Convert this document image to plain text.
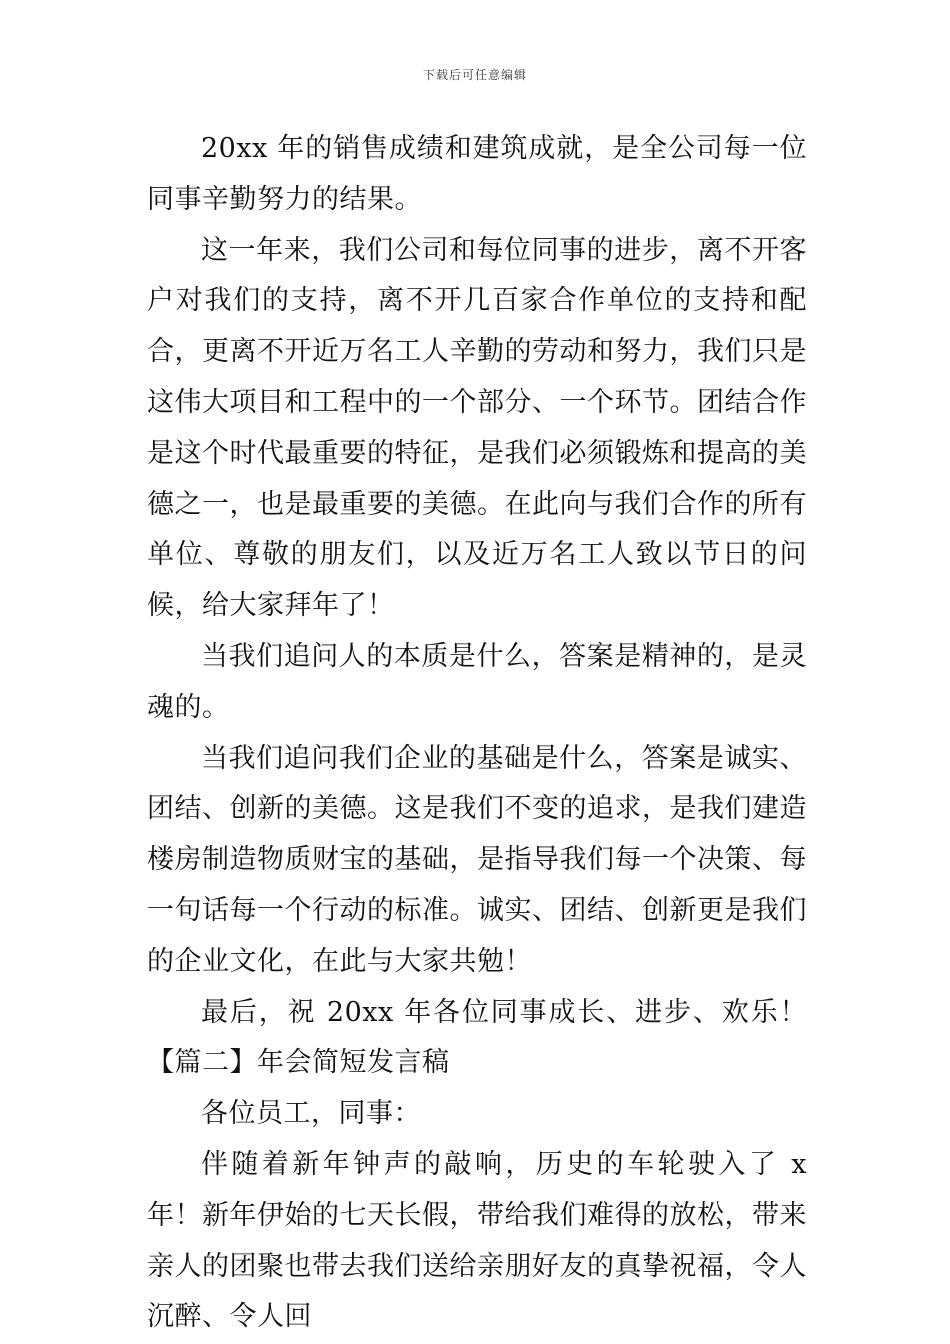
下载后可任意编辑

20xx 年的销售成绩和建筑成就，是全公司每一位同事辛勤努力的结果。

这一年来，我们公司和每位同事的进步，离不开客户对我们的支持，离不开几百家合作单位的支持和配合，更离不开近万名工人辛勤的劳动和努力，我们只是这伟大项目和工程中的一个部分、一个环节。团结合作是这个时代最重要的特征，是我们必须锻炼和提高的美德之一，也是最重要的美德。在此向与我们合作的所有单位、尊敬的朋友们，以及近万名工人致以节日的问候，给大家拜年了！

当我们追问人的本质是什么，答案是精神的，是灵魂的。

当我们追问我们企业的基础是什么，答案是诚实、团结、创新的美德。这是我们不变的追求，是我们建造楼房制造物质财宝的基础，是指导我们每一个决策、每一句话每一个行动的标准。诚实、团结、创新更是我们的企业文化，在此与大家共勉！

最后，祝 20xx 年各位同事成长、进步、欢乐！【篇二】年会简短发言稿

各位员工，同事：

伴随着新年钟声的敲响，历史的车轮驶入了 x 年！新年伊始的七天长假，带给我们难得的放松，带来亲人的团聚也带去我们送给亲朋好友的真挚祝福，令人沉醉、令人回
